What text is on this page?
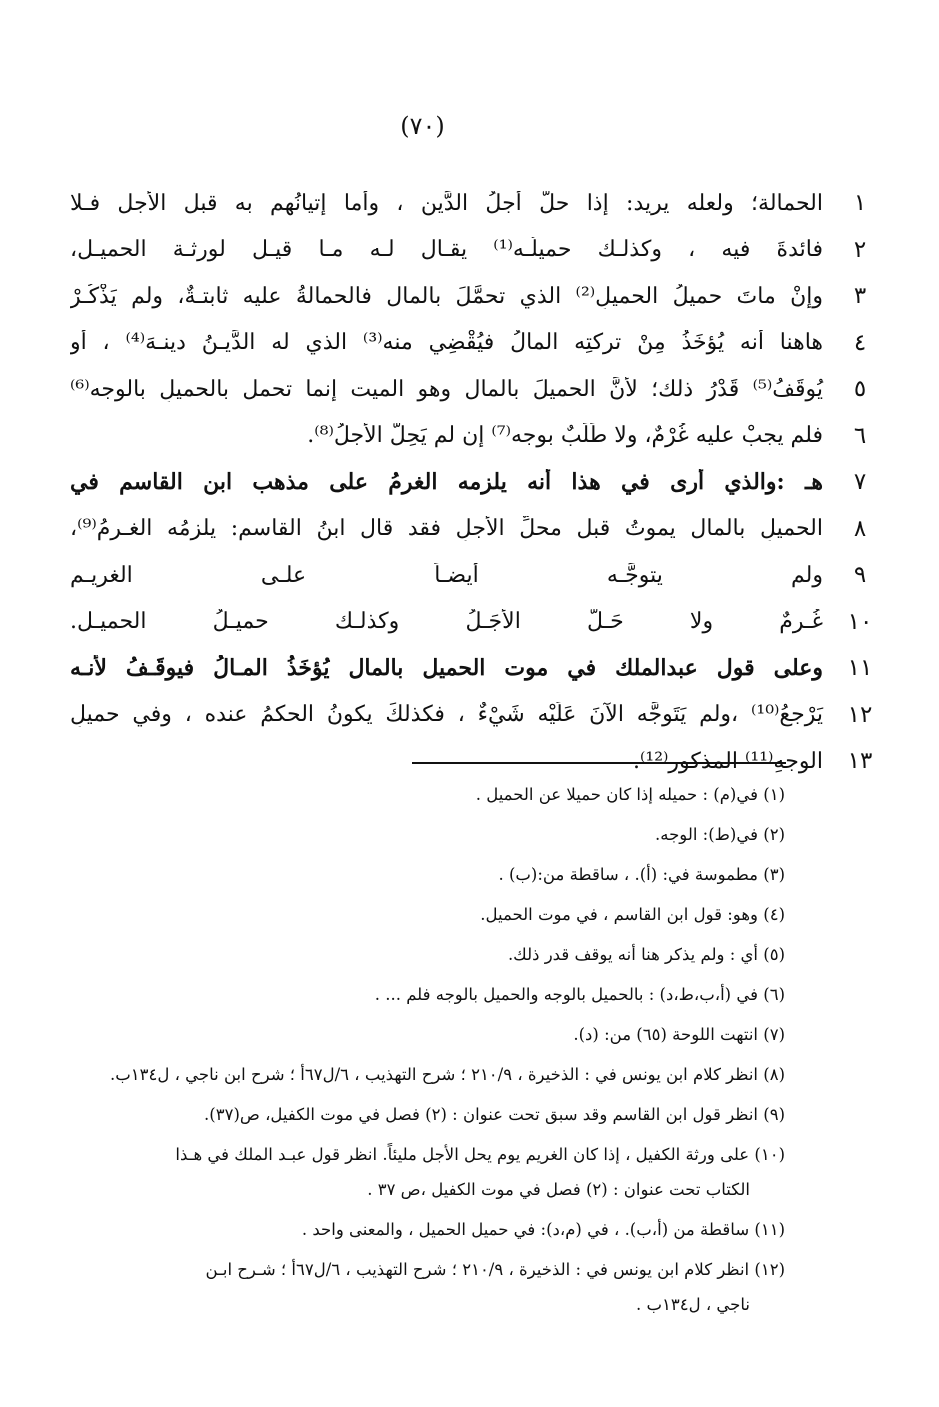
(٧٠)
١
الحمالة؛ ولعله يريد: إذا حلَّ أجلُ الدَّين ، وأما إتيانُهم به قبل الأجل فـلا
٢
فائدةَ فيه ، وكذلـك حميلُـه⁽¹⁾ يقـال لـه مـا قيـل لورثـة الحميـل،
٣
وإنْ ماتَ حميلُ الحميلِ⁽²⁾ الذي تحمَّلَ بالمال فالحمالةُ عليه ثابتـةٌ، ولم يَذْكُـرْ
٤
هاهنا أنه يُؤخَذُ مِنْ تركتِه المالُ فيُقْضِي منه⁽³⁾ الذي له الدَّيـنُ دينـهَ⁽⁴⁾ ، أو
٥
يُوقَفُ⁽⁵⁾ قَدْرُ ذلك؛ لأنَّ الحميلَ بالمال وهو الميت إنما تحمل بالحميلِ بالوجه⁽⁶⁾
٦
فلم يجبْ عليه غُرْمٌ، ولا طَلَبٌ بوجه⁽⁷⁾ إن لم يَحِلَّ الأجلُ⁽⁸⁾.
٧
ﻫـ :والذي أرى في هذا أنه يلزمه الغرمُ على مذهب ابن القاسم في
٨
الحميلِ بالمال يموتُ قبل محلِّ الأجلِ فقد قال ابنُ القاسم: يلزمُه الغـرمُ⁽⁹⁾،
٩
ولم يتوجَّـه أيضـاً علـى الغريـم
١٠
غُـرمٌ ولا حَـلَّ الأجَـلُ وكذلـك حميـلُ الحميـل.
١١
وعلى قول عبدالملك في موت الحميل بالمال يُؤخَذُ المـالُ فيوقَـفُ لأنـه
١٢
يَرْجعُ⁽¹⁰⁾ ،ولم يَتَوجَّه الآنَ عَلَيْه شَيْءٌ ، فكذلكَ يكونُ الحكمُ عنده ، وفي حميلِ
١٣
الوجهِ⁽¹¹⁾ المذكورِ⁽¹²⁾.
(١) في(م) : حميله إذا كان حميلا عن الحميل .
(٢) في(ط): الوجه.
(٣) مطموسة في: (أ). ، ساقطة من:(ب) .
(٤) وهو: قول ابن القاسم ، في موت الحميل.
(٥) أي : ولم يذكر هنا أنه يوقف قدر ذلك.
(٦) في (أ،ب،ط،د) : بالحميل بالوجه والحميل بالوجه فلم ... .
(٧) انتهت اللوحة (٦٥) من: (د).
(٨) انظر كلام ابن يونس في : الذخيرة ، ٢١٠/٩ ؛ شرح التهذيب ، ٦/ل٦٧أ ؛ شرح ابن ناجي ، ل١٣٤ب.
(٩) انظر قول ابن القاسم وقد سبق تحت عنوان : (٢) فصل في موت الكفيل، ص(٣٧).
(١٠) على ورثة الكفيل ، إذا كان الغريم يوم يحل الأجل مليئاً. انظر قول عبـد الملك في هـذا
الكتاب تحت عنوان : (٢) فصل في موت الكفيل ،ص ٣٧ .
(١١) ساقطة من (أ،ب). ، في (م،د): في حميل الحميل ، والمعنى واحد .
(١٢) انظر كلام ابن يونس في : الذخيرة ، ٢١٠/٩ ؛ شرح التهذيب ، ٦/ل٦٧أ ؛ شـرح ابـن
ناجي ، ل١٣٤ب .
